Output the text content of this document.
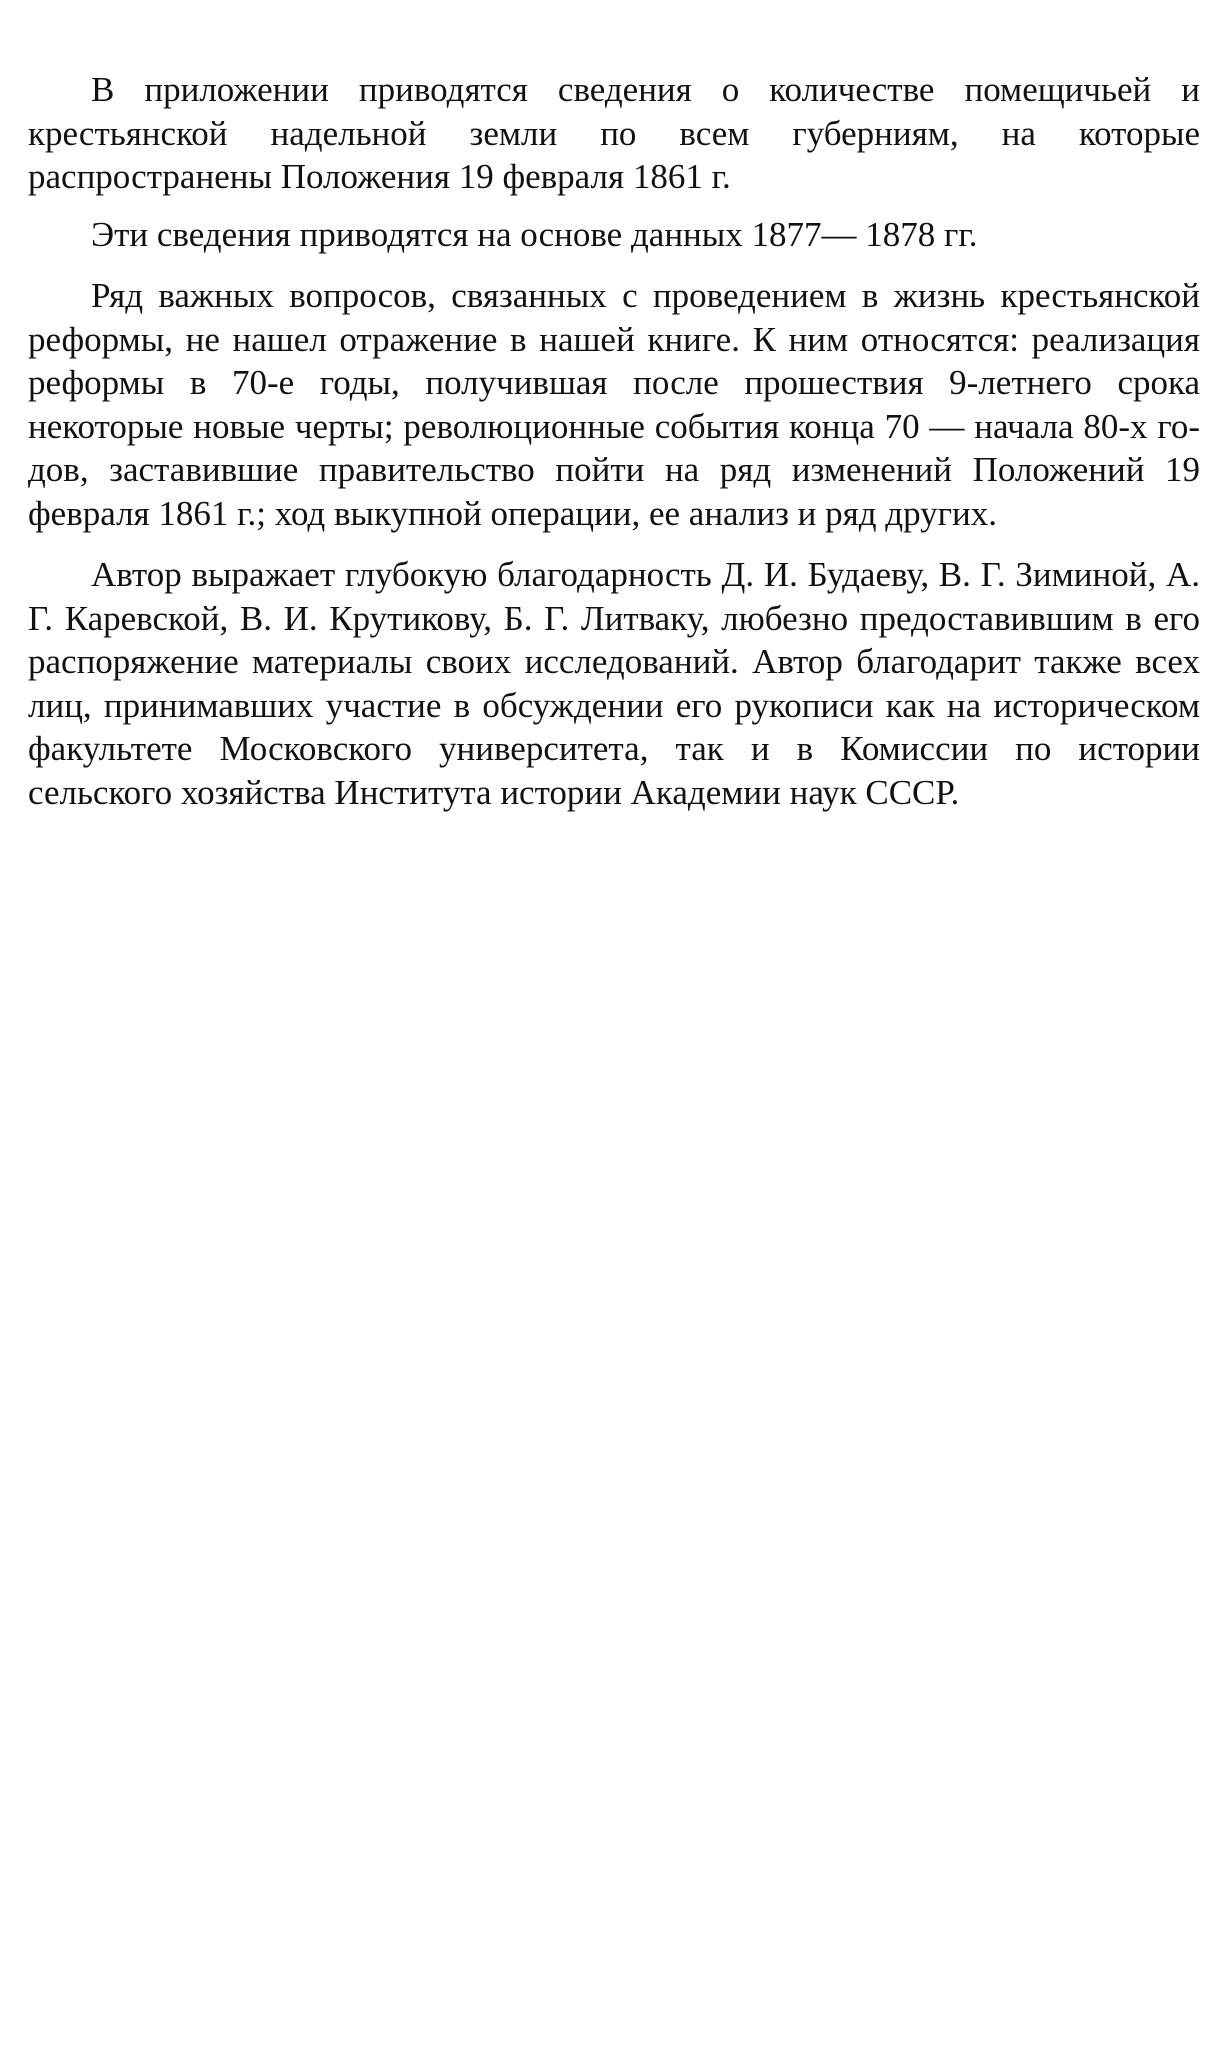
В приложении приводятся сведения о количестве помещичьей и крестьянской надельной земли по всем губерниям, на которые распространены Положения 19 февраля 1861 г.

Эти сведения приводятся на основе данных 1877— 1878 гг.

Ряд важных вопросов, связанных с проведением в жизнь крестьянской реформы, не нашел отражение в нашей книге. К ним относятся: реализация реформы в 70-е годы, получившая после прошествия 9-летнего срока некоторые новые черты; революционные события конца 70 — начала 80-х годов, заставившие правительство пойти на ряд изменений Положений 19 февраля 1861 г.; ход выкупной операции, ее анализ и ряд других.

Автор выражает глубокую благодарность Д. И. Будаеву, В. Г. Зиминой, А. Г. Каревской, В. И. Крутикову, Б. Г. Литваку, любезно предоставившим в его распоряжение материалы своих исследований. Автор благодарит также всех лиц, принимавших участие в обсуждении его рукописи как на историческом факультете Московского университета, так и в Комиссии по истории сельского хозяйства Института истории Академии наук СССР.
